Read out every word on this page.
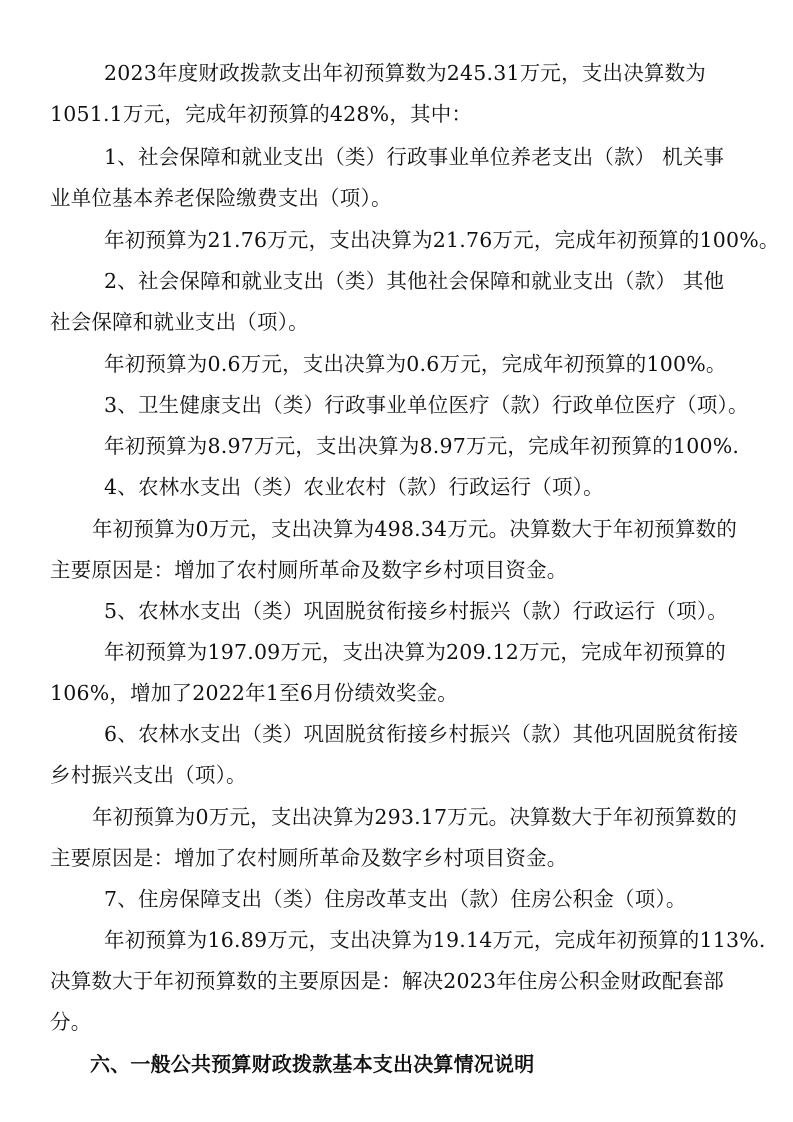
2023年度财政拨款支出年初预算数为245.31万元，支出决算数为
1051.1万元，完成年初预算的428%，其中：
1、社会保障和就业支出（类）行政事业单位养老支出（款） 机关事
业单位基本养老保险缴费支出（项）。
年初预算为21.76万元，支出决算为21.76万元，完成年初预算的100%。
2、社会保障和就业支出（类）其他社会保障和就业支出（款） 其他
社会保障和就业支出（项）。
年初预算为0.6万元，支出决算为0.6万元，完成年初预算的100%。
3、卫生健康支出（类）行政事业单位医疗（款）行政单位医疗（项）。
年初预算为8.97万元，支出决算为8.97万元，完成年初预算的100%.
4、农林水支出（类）农业农村（款）行政运行（项）。
年初预算为0万元，支出决算为498.34万元。决算数大于年初预算数的
主要原因是：增加了农村厕所革命及数字乡村项目资金。
5、农林水支出（类）巩固脱贫衔接乡村振兴（款）行政运行（项）。
年初预算为197.09万元，支出决算为209.12万元，完成年初预算的
106%，增加了2022年1至6月份绩效奖金。
6、农林水支出（类）巩固脱贫衔接乡村振兴（款）其他巩固脱贫衔接
乡村振兴支出（项）。
年初预算为0万元，支出决算为293.17万元。决算数大于年初预算数的
主要原因是：增加了农村厕所革命及数字乡村项目资金。
7、住房保障支出（类）住房改革支出（款）住房公积金（项）。
年初预算为16.89万元，支出决算为19.14万元，完成年初预算的113%.
决算数大于年初预算数的主要原因是：解决2023年住房公积金财政配套部
分。
六、一般公共预算财政拨款基本支出决算情况说明
